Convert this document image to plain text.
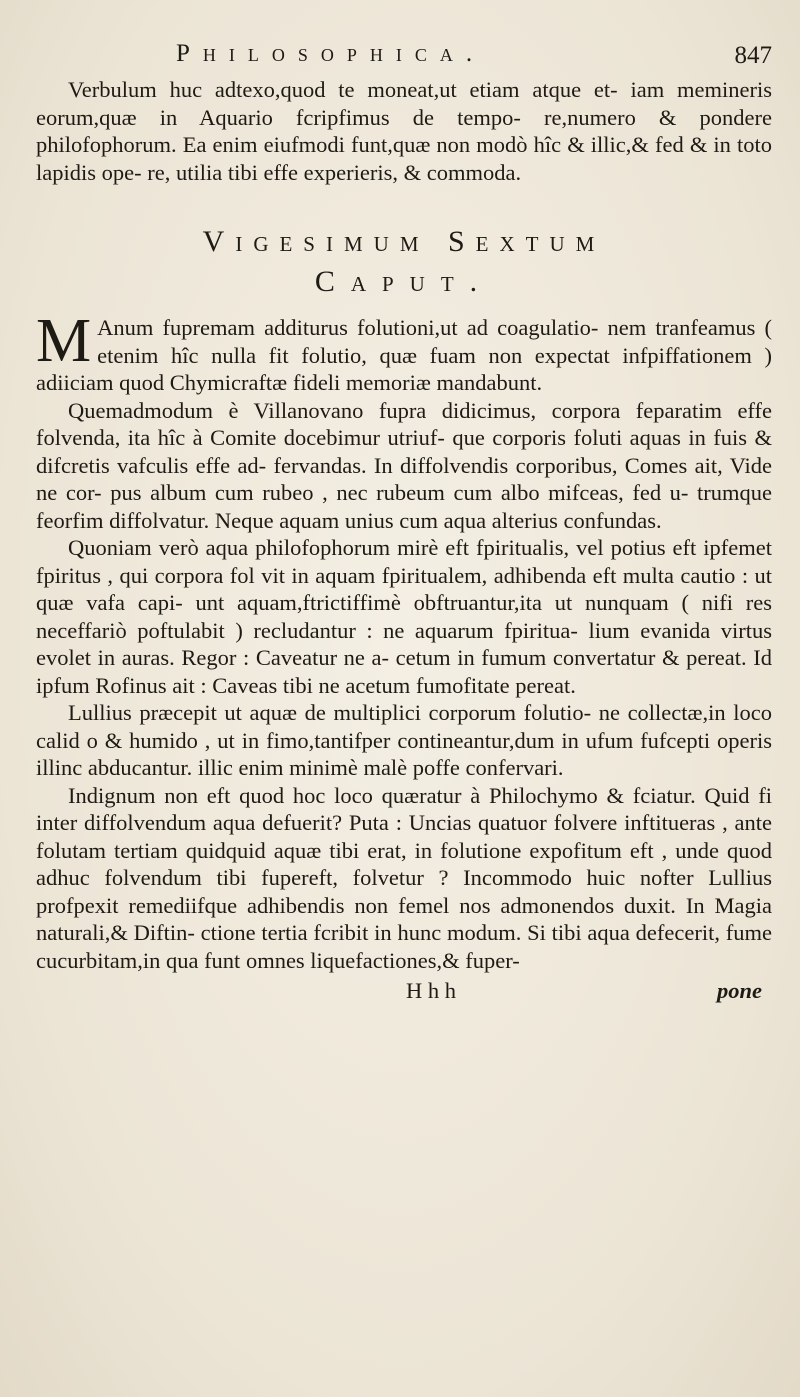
Philosophica.	847

Verbulum huc adtexo,quod te moneat,ut etiam atque et- iam memineris eorum,quæ in Aquario fcripfimus de tempo- re,numero & pondere philofophorum. Ea enim eiufmodi funt,quæ non modò hîc & illic,& fed & in toto lapidis ope- re, utilia tibi effe experieris, & commoda.

Vigesimum Sextum
Caput.

M Anum fupremam additurus folutioni,ut ad coagulatio- nem tranfeamus ( etenim hîc nulla fit folutio, quæ fuam non expectat infpiffationem ) adiiciam quod Chymicraftæ fideli memoriæ mandabunt.

Quemadmodum è Villanovano fupra didicimus, corpora feparatim effe folvenda, ita hîc à Comite docebimur utriuf- que corporis foluti aquas in fuis & difcretis vafculis effe ad- fervandas. In diffolvendis corporibus, Comes ait, Vide ne cor- pus album cum rubeo , nec rubeum cum albo mifceas, fed u- trumque feorfim diffolvatur. Neque aquam unius cum aqua alterius confundas.

Quoniam verò aqua philofophorum mirè eft fpiritualis, vel potius eft ipfemet fpiritus , qui corpora fol vit in aquam fpiritualem, adhibenda eft multa cautio : ut quæ vafa capi- unt aquam,ftrictiffimè obftruantur,ita ut nunquam ( nifi res neceffariò poftulabit ) recludantur : ne aquarum fpiritua- lium evanida virtus evolet in auras. Regor : Caveatur ne a- cetum in fumum convertatur & pereat. Id ipfum Rofinus ait : Caveas tibi ne acetum fumofitate pereat.

Lullius præcepit ut aquæ de multiplici corporum folutio- ne collectæ,in loco calid o & humido , ut in fimo,tantifper contineantur,dum in ufum fufcepti operis illinc abducantur. illic enim minimè malè poffe confervari.

Indignum non eft quod hoc loco quæratur à Philochymo & fciatur. Quid fi inter diffolvendum aqua defuerit? Puta : Uncias quatuor folvere inftitueras , ante folutam tertiam quidquid aquæ tibi erat, in folutione expofitum eft , unde quod adhuc folvendum tibi fupereft, folvetur ? Incommodo huic nofter Lullius profpexit remediifque adhibendis non femel nos admonendos duxit. In Magia naturali,& Diftin- ctione tertia fcribit in hunc modum. Si tibi aqua defecerit, fume cucurbitam,in qua funt omnes liquefactiones,& fuper-

H h h	pone
